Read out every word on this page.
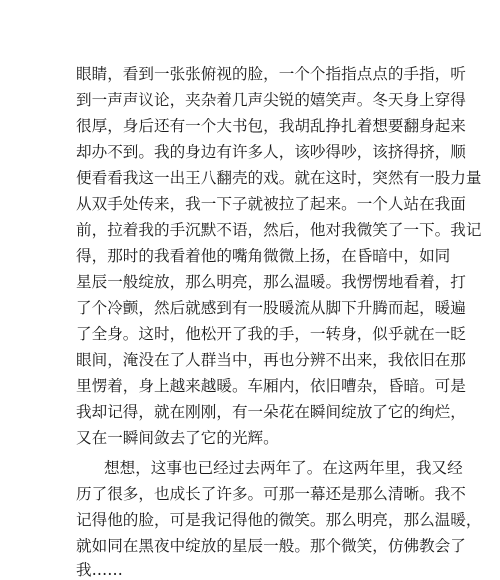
眼睛，看到一张张俯视的脸，一个个指指点点的手指，听
到一声声议论，夹杂着几声尖锐的嬉笑声。冬天身上穿得
很厚，身后还有一个大书包，我胡乱挣扎着想要翻身起来
却办不到。我的身边有许多人，该吵得吵，该挤得挤，顺
便看看我这一出王八翻壳的戏。就在这时，突然有一股力量
从双手处传来，我一下子就被拉了起来。一个人站在我面
前，拉着我的手沉默不语，然后，他对我微笑了一下。我记
得，那时的我看着他的嘴角微微上扬，在昏暗中，如同
星辰一般绽放，那么明亮，那么温暖。我愣愣地看着，打
了个冷颤，然后就感到有一股暖流从脚下升腾而起，暖遍
了全身。这时，他松开了我的手，一转身，似乎就在一眨
眼间，淹没在了人群当中，再也分辨不出来，我依旧在那
里愣着，身上越来越暖。车厢内，依旧嘈杂，昏暗。可是
我却记得，就在刚刚，有一朵花在瞬间绽放了它的绚烂，
又在一瞬间敛去了它的光辉。
想想，这事也已经过去两年了。在这两年里，我又经
历了很多，也成长了许多。可那一幕还是那么清晰。我不
记得他的脸，可是我记得他的微笑。那么明亮，那么温暖，
就如同在黑夜中绽放的星辰一般。那个微笑，仿佛教会了
我……
